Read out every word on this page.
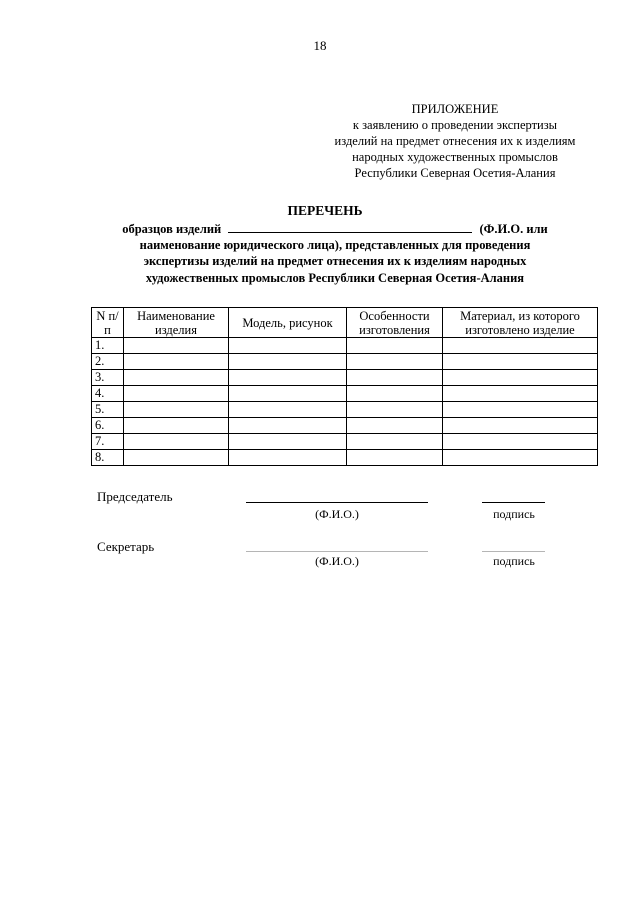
18
ПРИЛОЖЕНИЕ
к заявлению о проведении экспертизы
изделий на предмет отнесения их к изделиям
народных художественных промыслов
Республики Северная Осетия-Алания
ПЕРЕЧЕНЬ
образцов изделий	(Ф.И.О. или
наименование юридического лица), представленных для проведения
экспертизы изделий на предмет отнесения их к изделиям народных
художественных промыслов Республики Северная Осетия-Алания
N п/п	Наименование изделия	Модель, рисунок	Особенности изготовления	Материал, из которого изготовлено изделие
1.				
2.				
3.				
4.				
5.				
6.				
7.				
8.				
Председатель
(Ф.И.О.)	подпись
Секретарь
(Ф.И.О.)	подпись
